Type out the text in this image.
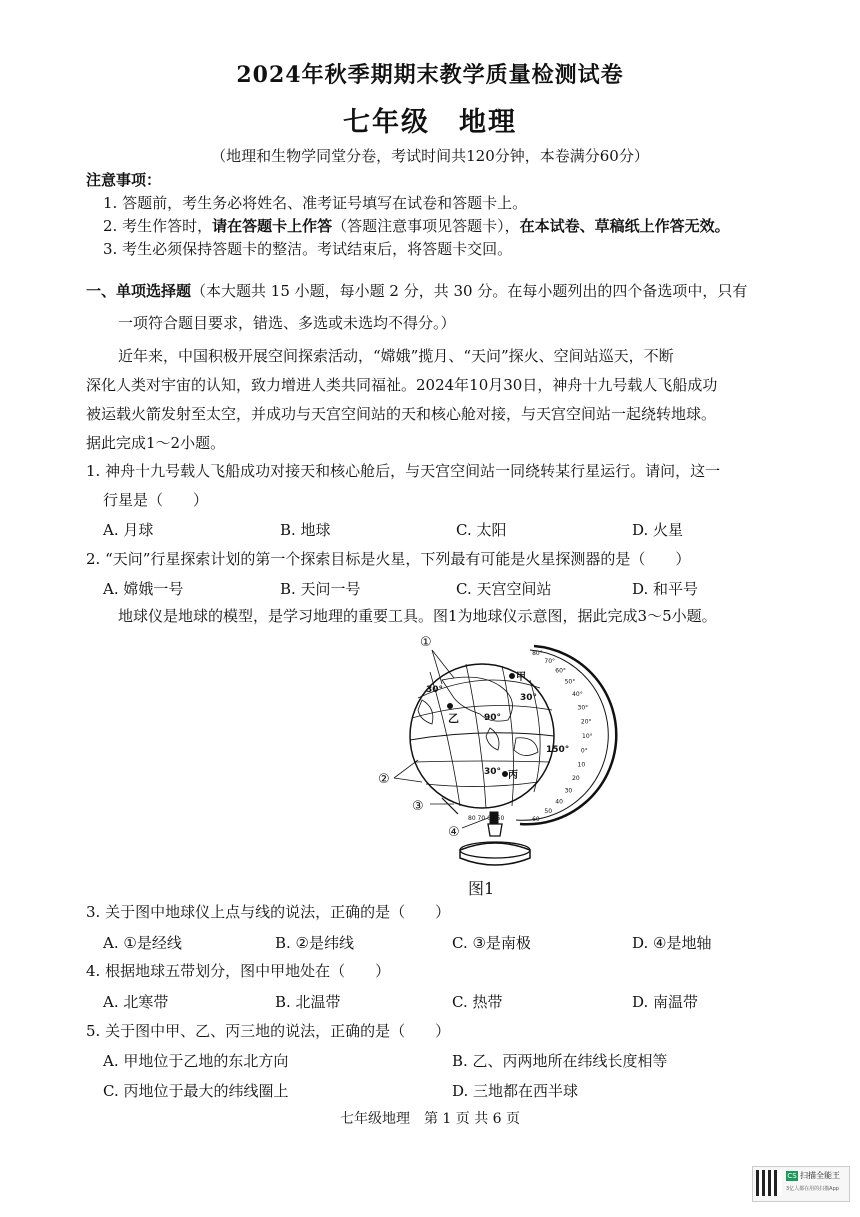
2024年秋季期期末教学质量检测试卷
七年级　地理
（地理和生物学同堂分卷，考试时间共120分钟，本卷满分60分）
注意事项：
1. 答题前，考生务必将姓名、准考证号填写在试卷和答题卡上。
2. 考生作答时，请在答题卡上作答（答题注意事项见答题卡），在本试卷、草稿纸上作答无效。
3. 考生必须保持答题卡的整洁。考试结束后，将答题卡交回。
一、单项选择题（本大题共 15 小题，每小题 2 分，共 30 分。在每小题列出的四个备选项中，只有
一项符合题目要求，错选、多选或未选均不得分。）
近年来，中国积极开展空间探索活动，“嫦娥”揽月、“天问”探火、空间站巡天，不断
深化人类对宇宙的认知，致力增进人类共同福祉。2024年10月30日，神舟十九号载人飞船成功
被运载火箭发射至太空，并成功与天宫空间站的天和核心舱对接，与天宫空间站一起绕转地球。
据此完成1～2小题。
1. 神舟十九号载人飞船成功对接天和核心舱后，与天宫空间站一同绕转某行星运行。请问，这一
行星是（　　）
A. 月球	B. 地球	C. 太阳	D. 火星
2. “天问”行星探索计划的第一个探索目标是火星，下列最有可能是火星探测器的是（　　）
A. 嫦娥一号	B. 天问一号	C. 天宫空间站	D. 和平号
地球仪是地球的模型，是学习地理的重要工具。图1为地球仪示意图，据此完成3～5小题。
①
②
③
④
甲
乙
丙
30°
30°
30°
90°
150°
80 70 60 50
80°
70°
60°
50°
40°
30°
20°
10°
0°
10
20
30
40
50
60
图1
3. 关于图中地球仪上点与线的说法，正确的是（　　）
A. ①是经线	B. ②是纬线	C. ③是南极	D. ④是地轴
4. 根据地球五带划分，图中甲地处在（　　）
A. 北寒带	B. 北温带	C. 热带	D. 南温带
5. 关于图中甲、乙、丙三地的说法，正确的是（　　）
A. 甲地位于乙地的东北方向	B. 乙、丙两地所在纬线长度相等
C. 丙地位于最大的纬线圈上	D. 三地都在西半球
七年级地理　第 1 页 共 6 页
CS 扫描全能王
3亿人都在用的扫描App
